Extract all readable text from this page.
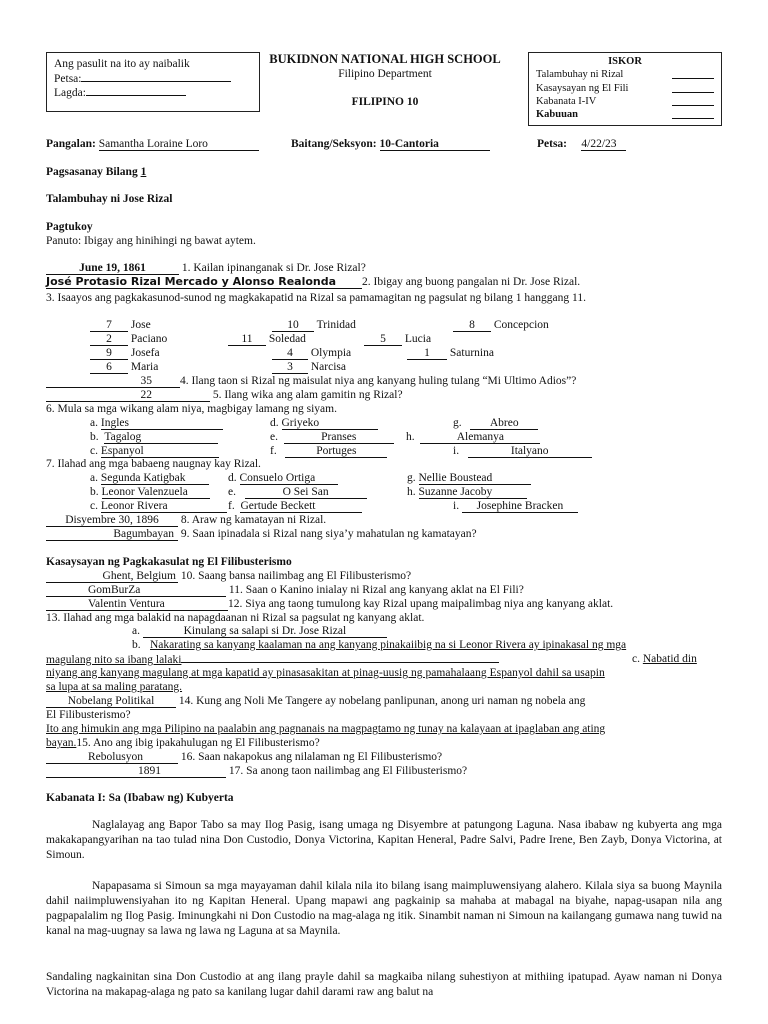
Ang pasulit na ito ay naibalik
Petsa:
Lagda:
BUKIDNON NATIONAL HIGH SCHOOL
Filipino Department
FILIPINO 10
ISKOR
Talambuhay ni Rizal
Kasaysayan ng El Fili
Kabanata I-IV
Kabuuan
Pangalan: Samantha Loraine Loro	Baitang/Seksyon: 10-Cantoria	Petsa: 4/22/23
Pagsasanay Bilang 1
Talambuhay ni Jose Rizal
Pagtukoy
Panuto: Ibigay ang hinihingi ng bawat aytem.
June 19, 1861	1. Kailan ipinanganak si Dr. Jose Rizal?
José Protasio Rizal Mercado y Alonso Realonda 2. Ibigay ang buong pangalan ni Dr. Jose Rizal.
3. Isaayos ang pagkakasunod-sunod ng magkakapatid na Rizal sa pamamagitan ng pagsulat ng bilang 1 hanggang 11.
7 Jose	10 Trinidad	8 Concepcion
2 Paciano	11 Soledad	5 Lucia
9 Josefa	4 Olympia	1 Saturnina
6 Maria	3 Narcisa
35 4. Ilang taon si Rizal ng maisulat niya ang kanyang huling tulang “Mi Ultimo Adios”?
22	5. Ilang wika ang alam gamitin ng Rizal?
6. Mula sa mga wikang alam niya, magbigay lamang ng siyam.
a. Ingles	d. Griyeko	g. Abreo
b. Tagalog	e.	Pranses	h.	Alemanya
c. Espanyol	f.	Portuges	i.	Italyano
7. Ilahad ang mga babaeng naugnay kay Rizal.
a. Segunda Katigbak	d. Consuelo Ortiga	g. Nellie Boustead
b. Leonor Valenzuela	e.	O Sei San	h. Suzanne Jacoby
c. Leonor Rivera	f. Gertude Beckett	i. Josephine Bracken
Disyembre 30, 1896 8. Araw ng kamatayan ni Rizal.
Bagumbayan 9. Saan ipinadala si Rizal nang siya’y mahatulan ng kamatayan?
Kasaysayan ng Pagkakasulat ng El Filibusterismo
Ghent, Belgium 10. Saang bansa nailimbag ang El Filibusterismo?
GomBurZa	11. Saan o Kanino inialay ni Rizal ang kanyang aklat na El Fili?
Valentin Ventura	12. Siya ang taong tumulong kay Rizal upang maipalimbag niya ang kanyang aklat.
13. Ilahad ang mga balakid na napagdaanan ni Rizal sa pagsulat ng kanyang aklat.
a.	Kinulang sa salapi si Dr. Jose Rizal
b. Nakarating sa kanyang kaalaman na ang kanyang pinakaiibig na si Leonor Rivera ay ipinakasal ng mga
magulang nito sa ibang lalaki	c. Nabatid din
niyang ang kanyang magulang at mga kapatid ay pinasasakitan at pinag-uusig ng pamahalaang Espanyol dahil sa usapin
sa lupa at sa maling paratang.
Nobelang Politikal 14. Kung ang Noli Me Tangere ay nobelang panlipunan, anong uri naman ng nobela ang
El Filibusterismo?
Ito ang himukin ang mga Pilipino na paalabin ang pagnanais na magpagtamo ng tunay na kalayaan at ipaglaban ang ating
bayan.15. Ano ang ibig ipakahulugan ng El Filibusterismo?
Rebolusyon	16. Saan nakapokus ang nilalaman ng El Filibusterismo?
1891	17. Sa anong taon nailimbag ang El Filibusterismo?
Kabanata I: Sa (Ibabaw ng) Kubyerta
Naglalayag ang Bapor Tabo sa may Ilog Pasig, isang umaga ng Disyembre at patungong Laguna. Nasa ibabaw ng kubyerta ang mga makakapangyarihan na tao tulad nina Don Custodio, Donya Victorina, Kapitan Heneral, Padre Salvi, Padre Irene, Ben Zayb, Donya Victorina, at Simoun.
Napapasama si Simoun sa mga mayayaman dahil kilala nila ito bilang isang maimpluwensiyang alahero. Kilala siya sa buong Maynila dahil naiimpluwensiyahan ito ng Kapitan Heneral. Upang mapawi ang pagkainip sa mahaba at mabagal na biyahe, napag-usapan nila ang pagpapalalim ng Ilog Pasig. Iminungkahi ni Don Custodio na mag-alaga ng itik. Sinambit naman ni Simoun na kailangang gumawa nang tuwid na kanal na mag-uugnay sa lawa ng lawa ng Laguna at sa Maynila.
Sandaling nagkainitan sina Don Custodio at ang ilang prayle dahil sa magkaiba nilang suhestiyon at mithiing ipatupad. Ayaw naman ni Donya Victorina na makapag-alaga ng pato sa kanilang lugar dahil darami raw ang balut na
